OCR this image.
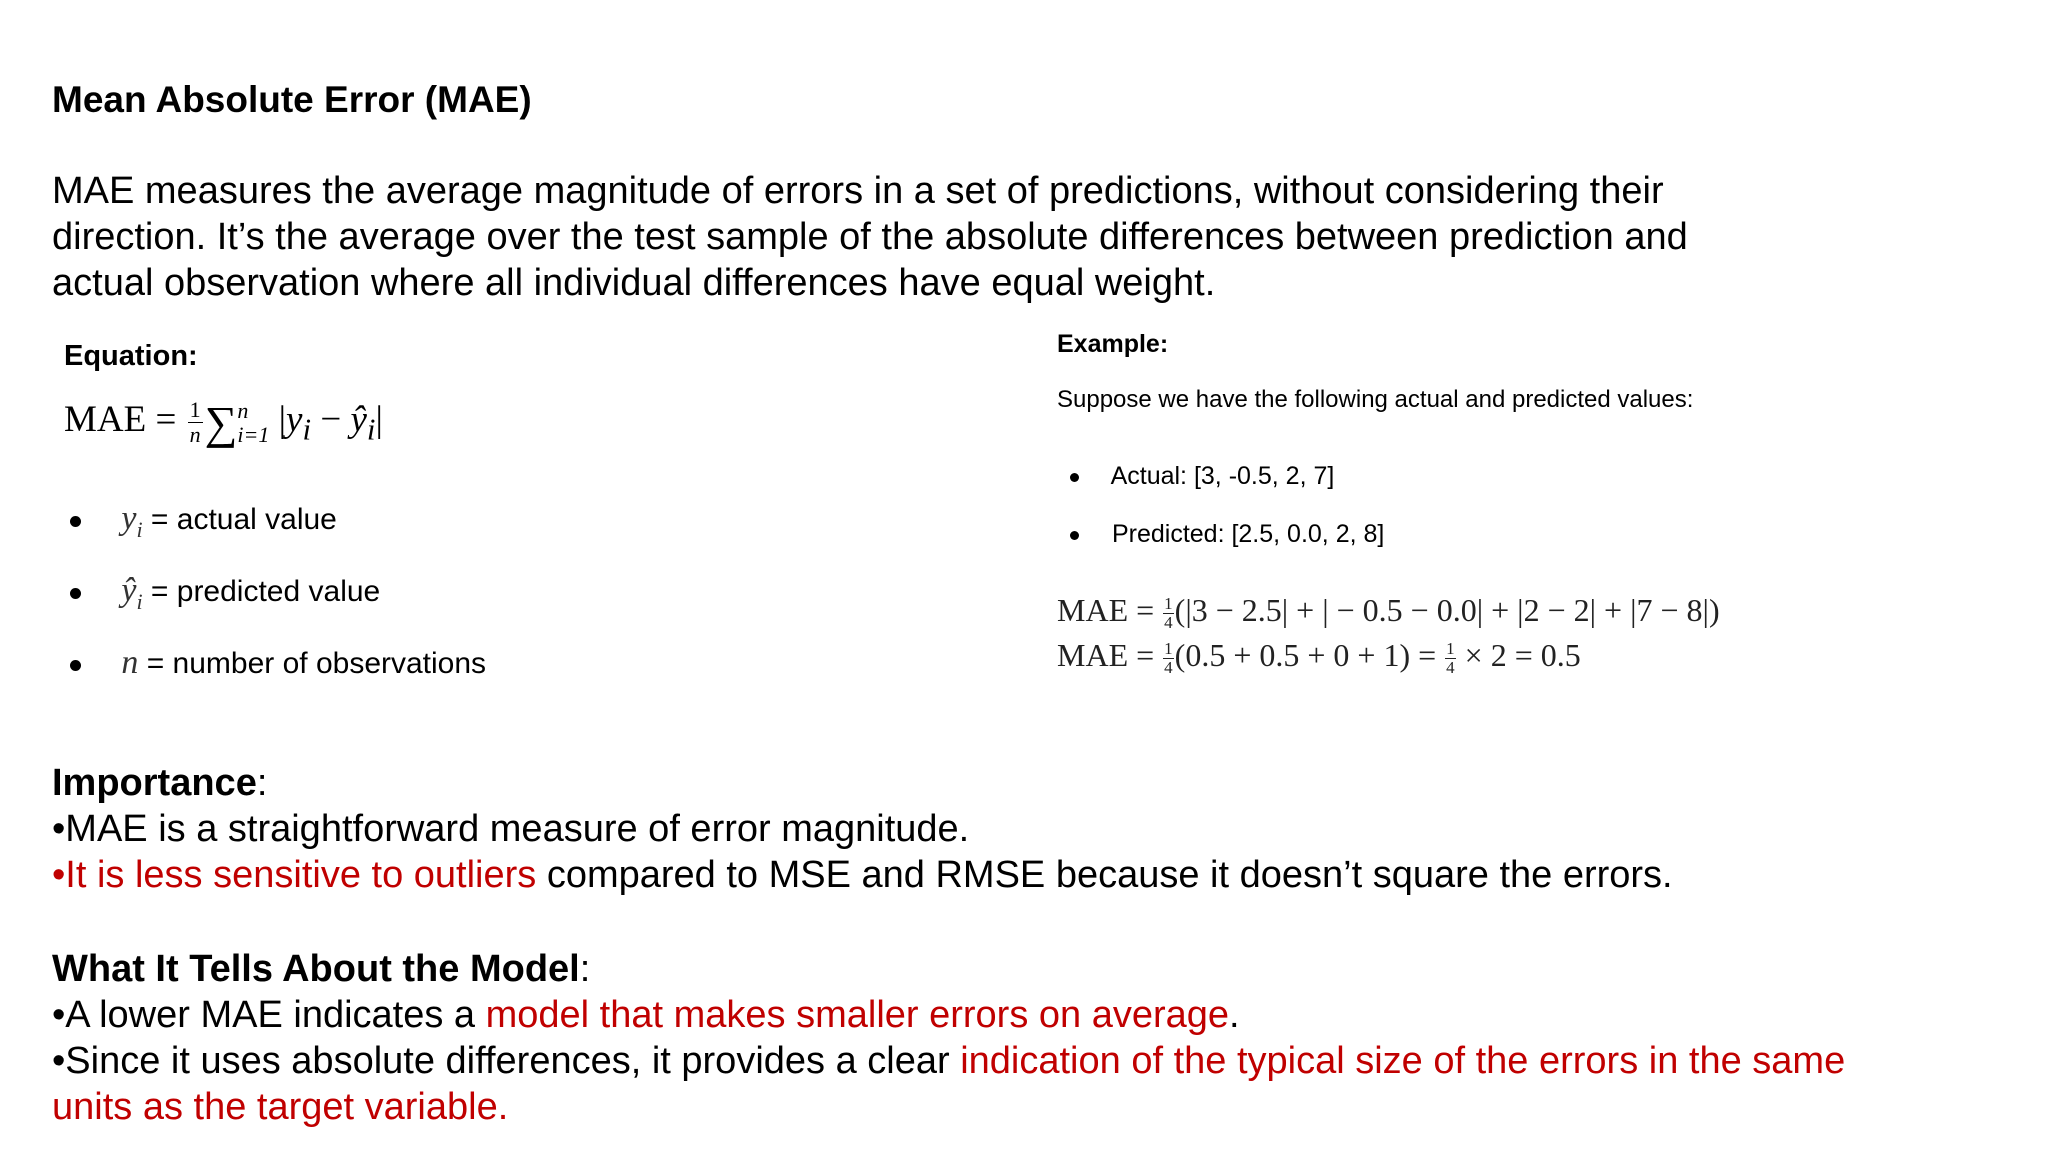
Mean Absolute Error (MAE)
MAE measures the average magnitude of errors in a set of predictions, without considering their
direction. It’s the average over the test sample of the absolute differences between prediction and
actual observation where all individual differences have equal weight.
Equation:
MAE = $\frac{1}{n}$ ∑ n
i=1 $|y_i$ − $ŷ_i|$
$y_i$ = actual value
$ŷ_i$ = predicted value
n = number of observations
Example:
Suppose we have the following actual and predicted values:
Actual: [3, -0.5, 2, 7]
Predicted: [2.5, 0.0, 2, 8]
MAE = $\frac{1}{4} (|3 - 2.5|$ + | − 0.5 − 0.0| + |2 − 2| + |7 − 8|)
MAE = $\frac{1}{4} (0.5 + 0.5 + 0 + 1) = \frac{1}{4} \times 2 = 0.5$
Importance:
•MAE is a straightforward measure of error magnitude.
•It is less sensitive to outliers compared to MSE and RMSE because it doesn’t square the errors.
What It Tells About the Model:
•A lower MAE indicates a model that makes smaller errors on average.
•Since it uses absolute differences, it provides a clear indication of the typical size of the errors in the same
units as the target variable.
